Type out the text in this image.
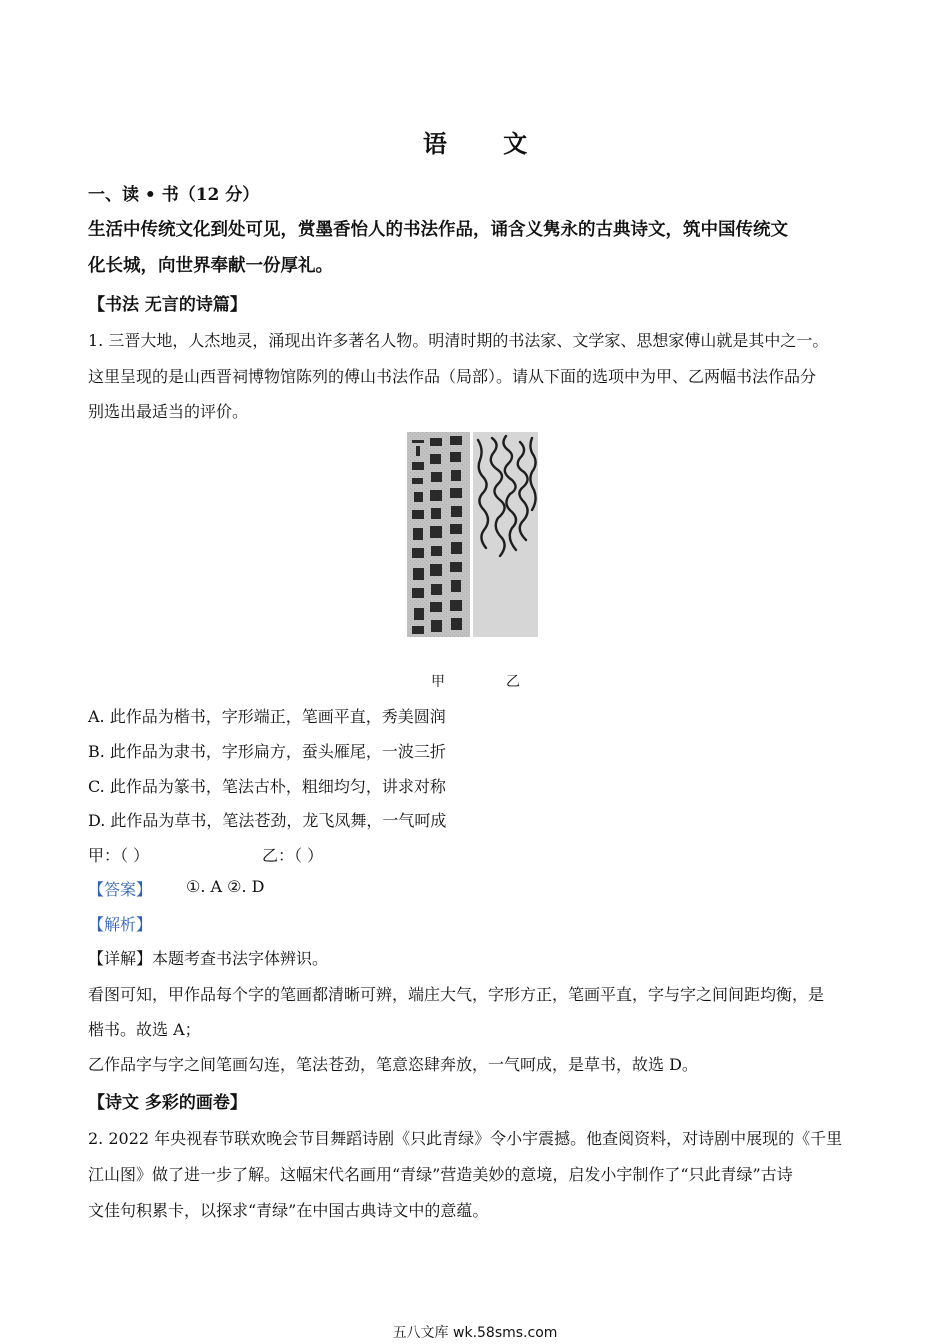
语 文
一、读 • 书（12 分）
生活中传统文化到处可见，赏墨香怡人的书法作品，诵含义隽永的古典诗文，筑中国传统文
化长城，向世界奉献一份厚礼。
【书法 无言的诗篇】
1. 三晋大地，人杰地灵，涌现出许多著名人物。明清时期的书法家、文学家、思想家傅山就是其中之一。
这里呈现的是山西晋祠博物馆陈列的傅山书法作品（局部）。请从下面的选项中为甲、乙两幅书法作品分
别选出最适当的评价。
甲	乙
A. 此作品为楷书，字形端正，笔画平直，秀美圆润
B. 此作品为隶书，字形扁方，蚕头雁尾，一波三折
C. 此作品为篆书，笔法古朴，粗细均匀，讲求对称
D. 此作品为草书，笔法苍劲，龙飞凤舞，一气呵成
甲：（ ）	乙：（ ）
【答案】 ①. A ②. D
【解析】
【详解】本题考查书法字体辨识。
看图可知，甲作品每个字的笔画都清晰可辨，端庄大气，字形方正，笔画平直，字与字之间间距均衡，是
楷书。故选 A；
乙作品字与字之间笔画勾连，笔法苍劲，笔意恣肆奔放，一气呵成，是草书，故选 D。
【诗文 多彩的画卷】
2. 2022 年央视春节联欢晚会节目舞蹈诗剧《只此青绿》令小宇震撼。他查阅资料，对诗剧中展现的《千里
江山图》做了进一步了解。这幅宋代名画用“青绿”营造美妙的意境，启发小宇制作了“只此青绿”古诗
文佳句积累卡，以探求“青绿”在中国古典诗文中的意蕴。
五八文库 wk.58sms.com
